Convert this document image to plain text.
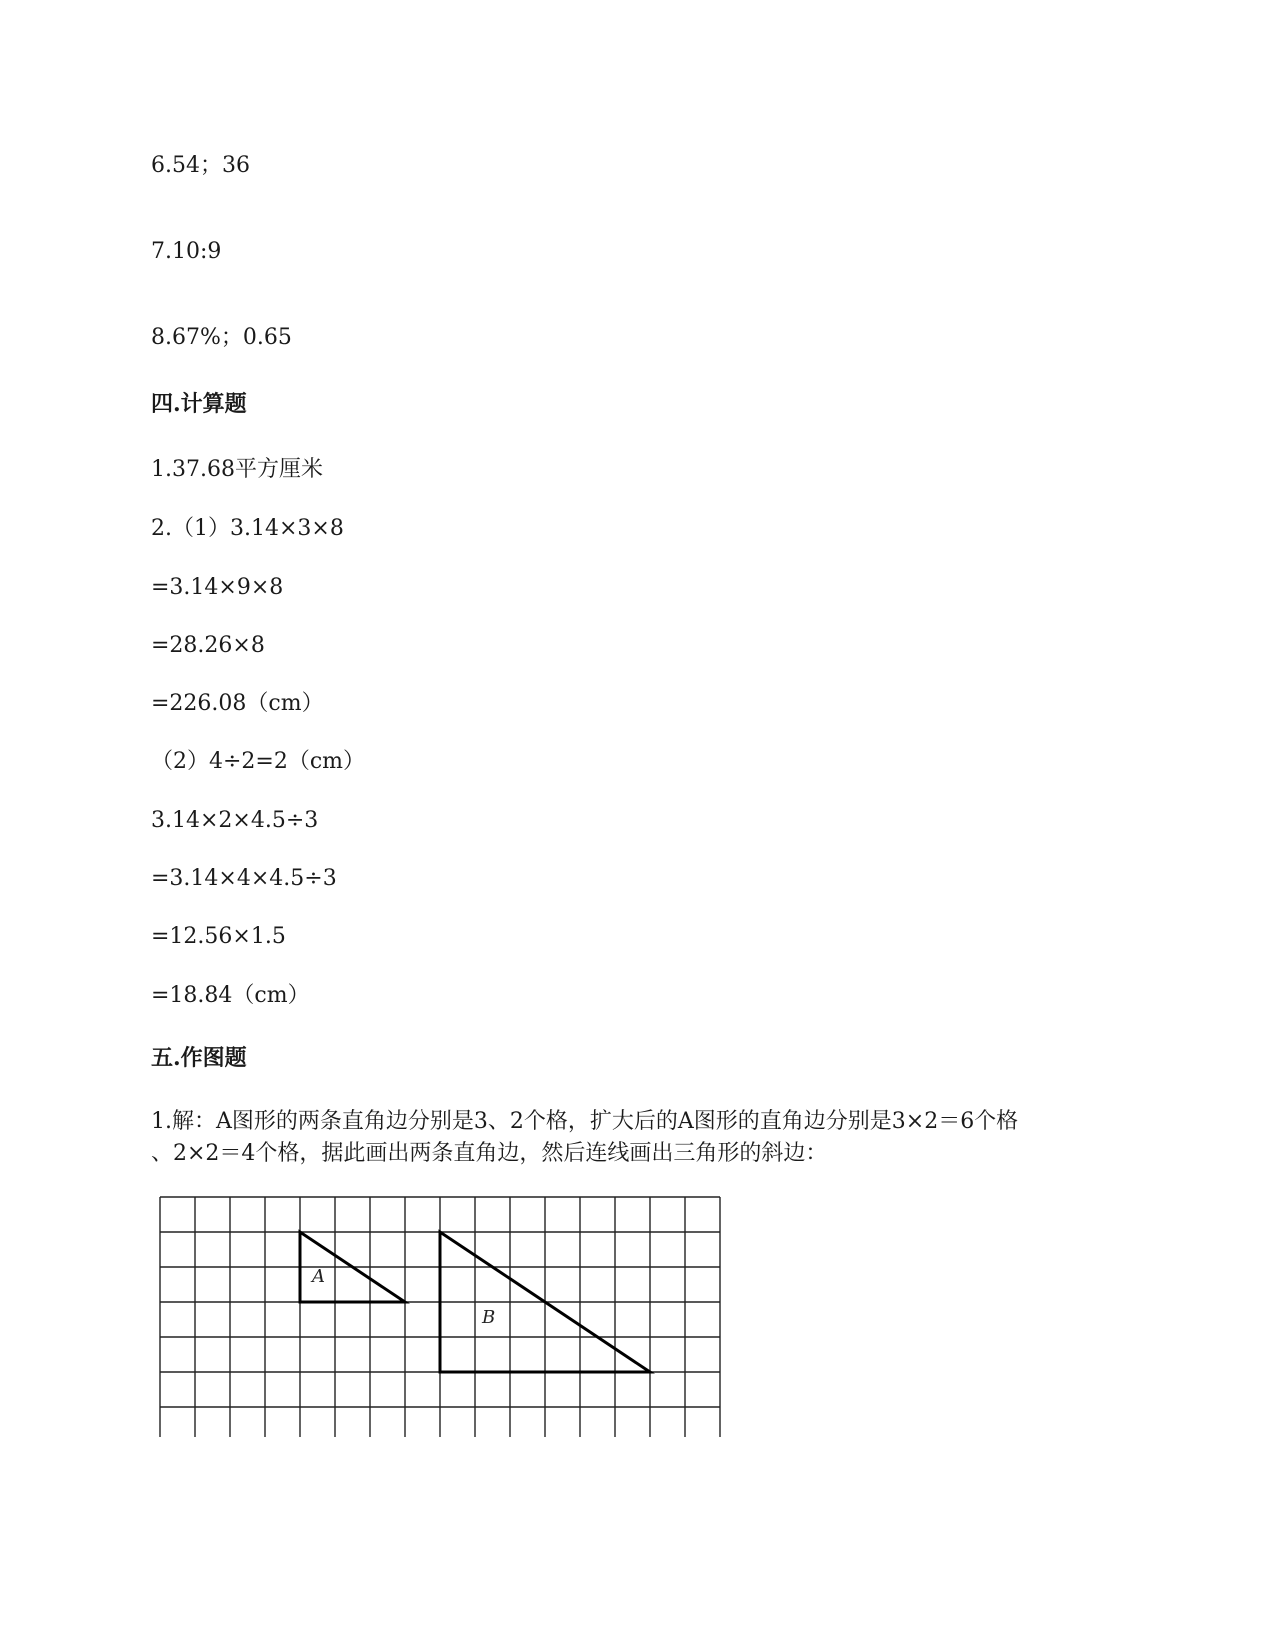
6.54；36
7.10:9
8.67%；0.65
四.计算题
1.37.68平方厘米
2.（1）3.14×3×8
=3.14×9×8
=28.26×8
=226.08（cm）
（2）4÷2=2（cm）
3.14×2×4.5÷3
=3.14×4×4.5÷3
=12.56×1.5
=18.84（cm）
五.作图题
1.解：A图形的两条直角边分别是3、2个格，扩大后的A图形的直角边分别是3×2＝6个格
、2×2＝4个格，据此画出两条直角边，然后连线画出三角形的斜边：
A
B
